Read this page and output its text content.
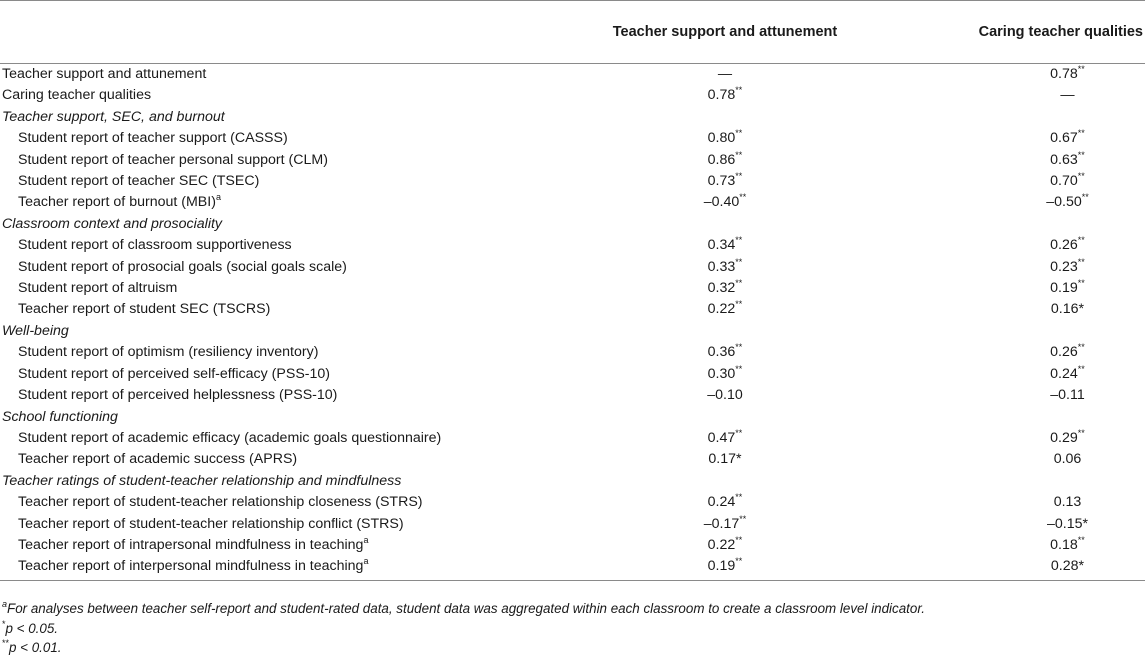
	Teacher support and attunement	Caring teacher qualities
Teacher support and attunement	—	0.78**
Caring teacher qualities	0.78**	—
Teacher support, SEC, and burnout		
Student report of teacher support (CASSS)	0.80**	0.67**
Student report of teacher personal support (CLM)	0.86**	0.63**
Student report of teacher SEC (TSEC)	0.73**	0.70**
Teacher report of burnout (MBI)$^a$	–0.40**	–0.50**
Classroom context and prosociality		
Student report of classroom supportiveness	0.34**	0.26**
Student report of prosocial goals (social goals scale)	0.33**	0.23**
Student report of altruism	0.32**	0.19**
Teacher report of student SEC (TSCRS)	0.22**	0.16*
Well-being		
Student report of optimism (resiliency inventory)	0.36**	0.26**
Student report of perceived self-efficacy (PSS-10)	0.30**	0.24**
Student report of perceived helplessness (PSS-10)	–0.10	–0.11
School functioning		
Student report of academic efficacy (academic goals questionnaire)	0.47**	0.29**
Teacher report of academic success (APRS)	0.17*	0.06
Teacher ratings of student-teacher relationship and mindfulness		
Teacher report of student-teacher relationship closeness (STRS)	0.24**	0.13
Teacher report of student-teacher relationship conflict (STRS)	–0.17**	–0.15*
Teacher report of intrapersonal mindfulness in teaching$^a$	0.22**	0.18**
Teacher report of interpersonal mindfulness in teaching$^a$	0.19**	0.28*
$^a$For analyses between teacher self-report and student-rated data, student data was aggregated within each classroom to create a classroom level indicator.
*p < 0.05.
**p < 0.01.
